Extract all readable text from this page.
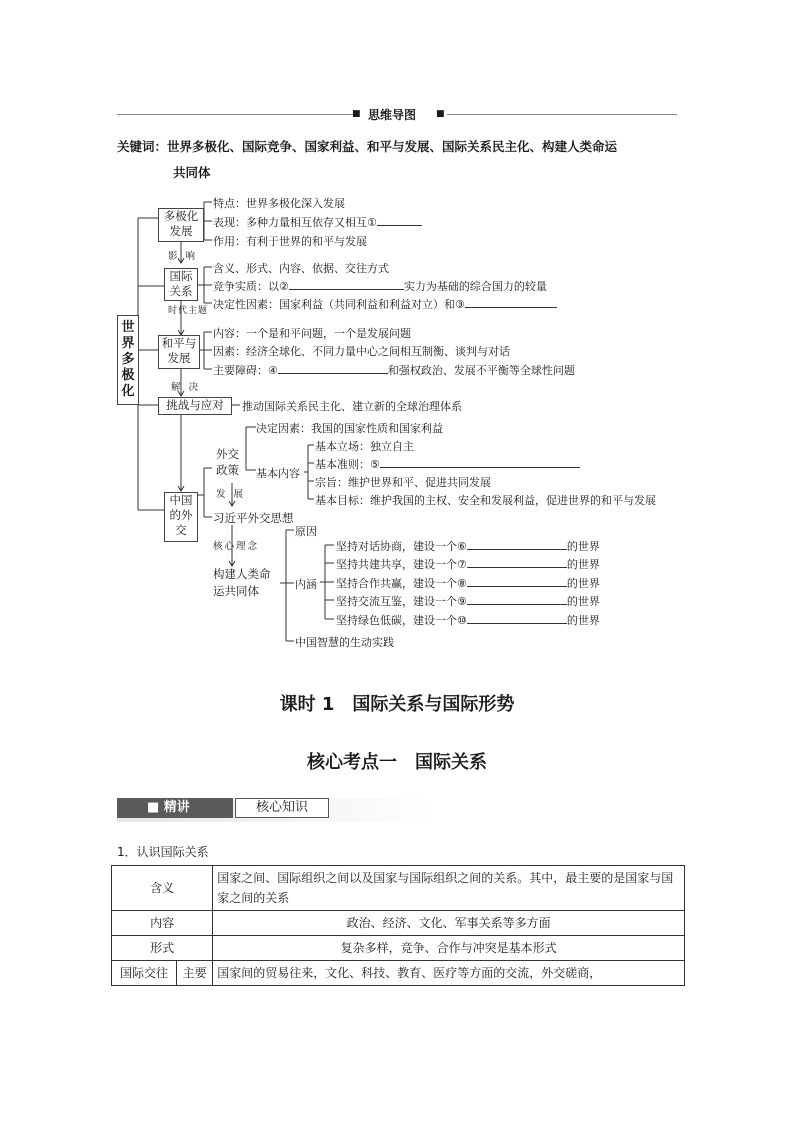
■ 思维导图 ■
关键词：世界多极化、国际竞争、国家利益、和平与发展、国际关系民主化、构建人类命运
共同体
世界多极化
多极化发展
特点：世界多极化深入发展
表现：多种力量相互依存又相互①
作用：有利于世界的和平与发展
影响
国际关系
含义、形式、内容、依据、交往方式
竞争实质：以②	实力为基础的综合国力的较量
决定性因素：国家利益（共同利益和利益对立）和③
时代主题
和平与发展
内容：一个是和平问题，一个是发展问题
因素：经济全球化、不同力量中心之间相互制衡、谈判与对话
主要障碍：④	和强权政治、发展不平衡等全球性问题
解决
挑战与应对	推动国际关系民主化、建立新的全球治理体系
中国的外交
外交政策
决定因素：我国的国家性质和国家利益
基本内容
基本立场：独立自主
基本准则：⑤
宗旨：维护世界和平、促进共同发展
基本目标：维护我国的主权、安全和发展利益，促进世界的和平与发展
发展
习近平外交思想
核心理念
构建人类命运共同体
原因
内涵
坚持对话协商，建设一个⑥	的世界
坚持共建共享，建设一个⑦	的世界
坚持合作共赢，建设一个⑧	的世界
坚持交流互鉴，建设一个⑨	的世界
坚持绿色低碳，建设一个⑩	的世界
中国智慧的生动实践
课时 1　国际关系与国际形势
核心考点一　国际关系
■ 精讲	核心知识
1．认识国际关系
含义		国家之间、国际组织之间以及国家与国际组织之间的关系。其中，最主要的是国家与国家之间的关系
内容		政治、经济、文化、军事关系等多方面
形式		复杂多样，竞争、合作与冲突是基本形式
国际交往	主要	国家间的贸易往来，文化、科技、教育、医疗等方面的交流，外交磋商，
